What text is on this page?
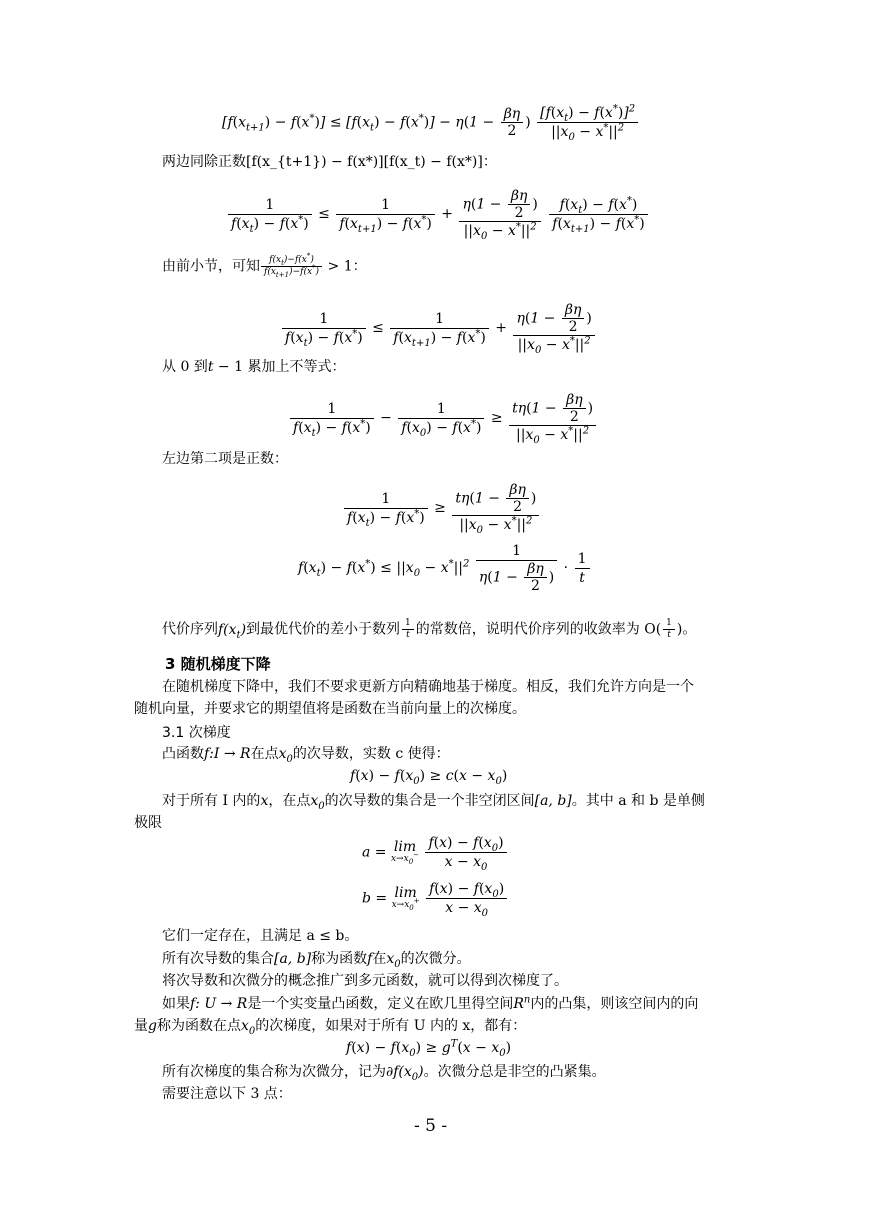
$[f(x_{t+1}) - f(x^*)] \le [f(x_t) - f(x^*)] - \eta(1 - \frac{\beta\eta}{2}$ ) $\frac{[f(x_t) - f(x^*)]^2}{||x_0 - x^*||^2}$
两边同除正数[f(x_{t+1}) − f(x*)][f(x_t) − f(x*)]：
$\frac{1}{f(x_t) - f(x^*)} \le \frac{1}{f(x_{t+1}) - f(x^*)} + \frac{\eta(1 - \frac{\beta\eta}{2} )}{||x_0 - x^*||^2}$
$\frac{f(x_t) - f(x^*)}{f(x_{t+1}) - f(x^*)}$
由前小节，可知 $\frac{f(x_t)-f(x^*)}{f(x_{t+1})-f(x^*)} > 1$：
$\frac{1}{f(x_t) - f(x^*)} \le \frac{1}{f(x_{t+1}) - f(x^*)} + \frac{\eta(1 - \frac{\beta\eta}{2} )}{||x_0 - x^*||^2}$
从 0 到t − 1 累加上不等式：
$\frac{1}{f(x_t) - f(x^*)} - \frac{1}{f(x_0) - f(x^*)} \ge \frac{t\eta(1 - \frac{\beta\eta}{2} )}{||x_0 - x^*||^2}$
左边第二项是正数：
$\frac{1}{f(x_t) - f(x^*)} \ge \frac{t\eta(1 - \frac{\beta\eta}{2} )}{||x_0 - x^*||^2}$
$f(x_t) - f(x^*) \le ||x_0 - x^*||^2 \frac{1}{\eta(1 - \frac{\beta\eta}{2} )} \cdot \frac{1}{t}$
代价序列$f(x_t)$到最优代价的差小于数列 $\frac{1}{t}$ 的常数倍，说明代价序列的收敛率为 $O( \frac{1}{t}$ )。
3 随机梯度下降
在随机梯度下降中，我们不要求更新方向精确地基于梯度。相反，我们允许方向是一个
随机向量，并要求它的期望值将是函数在当前向量上的次梯度。
3.1 次梯度
凸函数f:I → R在点$x_0$的次导数，实数 c 使得：
$f(x) - f(x_0) \ge c(x - x_0)$
对于所有 I 内的x，在点$x_0$的次导数的集合是一个非空闭区间[a, b]。其中 a 和 b 是单侧
极限
a = lim
$x\to x_0^-$
$\frac{f(x) - f(x_0)}{x - x_0}$
b = lim
$x\to x_0^+$
$\frac{f(x) - f(x_0)}{x - x_0}$
它们一定存在，且满足 a ≤ b。
所有次导数的集合[a, b]称为函数f在$x_0$的次微分。
将次导数和次微分的概念推广到多元函数，就可以得到次梯度了。
如果f: U → R是一个实变量凸函数，定义在欧几里得空间$R^n$内的凸集，则该空间内的向
量g称为函数在点$x_0$的次梯度，如果对于所有 U 内的 x，都有：
$f(x) - f(x_0) \ge g^T(x - x_0)$
所有次梯度的集合称为次微分，记为$\partial f(x_0)$。次微分总是非空的凸紧集。
需要注意以下 3 点：
- 5 -
